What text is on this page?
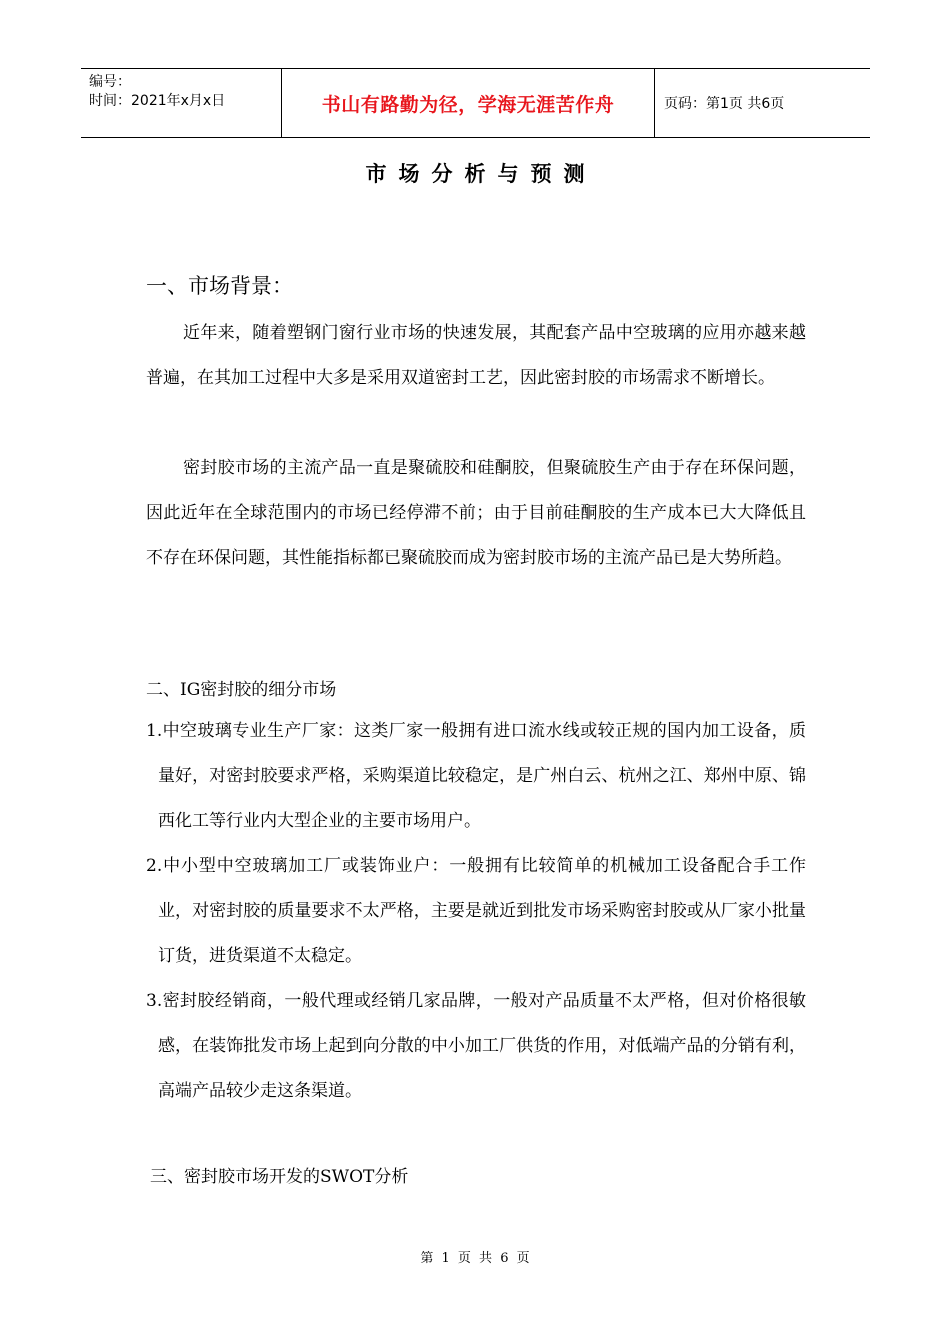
编号：
时间：2021年x月x日	书山有路勤为径，学海无涯苦作舟	页码：第1页 共6页
市场分析与预测
一、市场背景：
近年来，随着塑钢门窗行业市场的快速发展，其配套产品中空玻璃的应用亦越来越普遍，在其加工过程中大多是采用双道密封工艺，因此密封胶的市场需求不断增长。
密封胶市场的主流产品一直是聚硫胶和硅酮胶，但聚硫胶生产由于存在环保问题，因此近年在全球范围内的市场已经停滞不前；由于目前硅酮胶的生产成本已大大降低且不存在环保问题，其性能指标都已聚硫胶而成为密封胶市场的主流产品已是大势所趋。
二、IG密封胶的细分市场
1.中空玻璃专业生产厂家：这类厂家一般拥有进口流水线或较正规的国内加工设备，质量好，对密封胶要求严格，采购渠道比较稳定，是广州白云、杭州之江、郑州中原、锦西化工等行业内大型企业的主要市场用户。
2.中小型中空玻璃加工厂或装饰业户：一般拥有比较简单的机械加工设备配合手工作业，对密封胶的质量要求不太严格，主要是就近到批发市场采购密封胶或从厂家小批量订货，进货渠道不太稳定。
3.密封胶经销商，一般代理或经销几家品牌，一般对产品质量不太严格，但对价格很敏感，在装饰批发市场上起到向分散的中小加工厂供货的作用，对低端产品的分销有利，高端产品较少走这条渠道。
三、密封胶市场开发的SWOT分析
第 1 页 共 6 页
